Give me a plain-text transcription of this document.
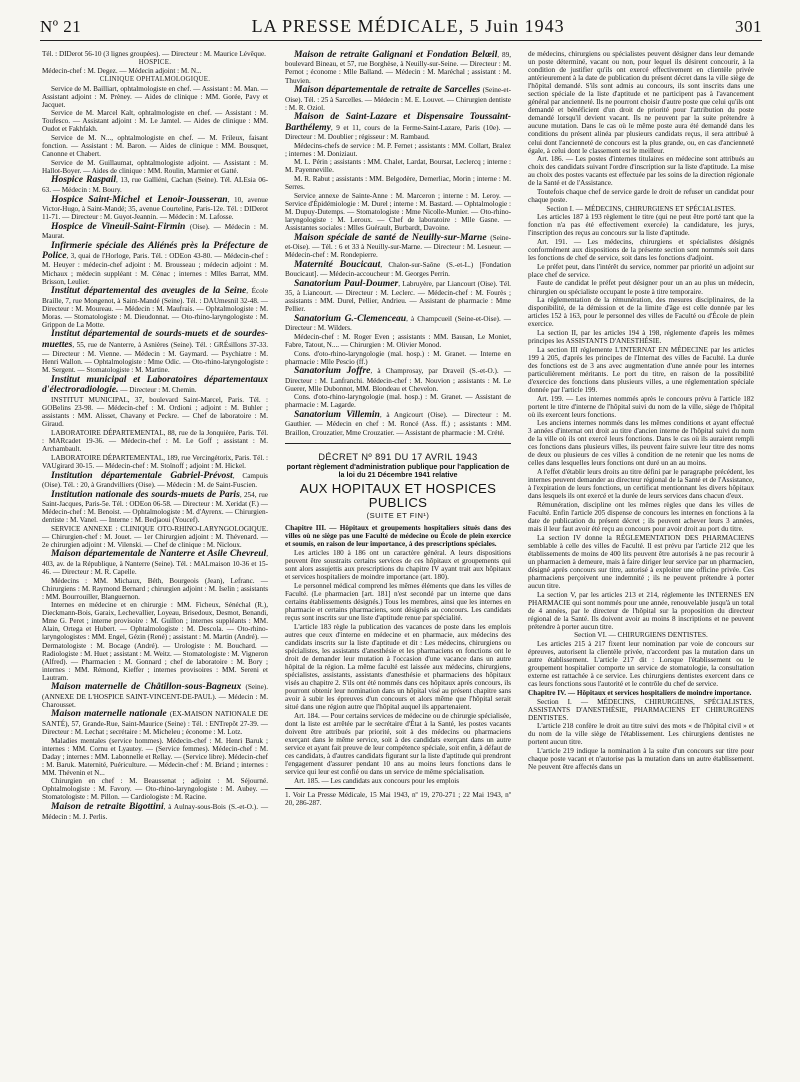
Nº 21	LA PRESSE MÉDICALE, 5 Juin 1943	301

Tél. : DIDerot 56-10 (3 lignes groupées). — Directeur : M. Maurice Lévêque.

HOSPICE.

Médecin-chef : M. Degez. — Médecin adjoint : M. N...

CLINIQUE OPHTALMOLOGIQUE.

Service de M. Bailliart, ophtalmologiste en chef. — Assistant : M. Man. — Assistant adjoint : M. Prèney. — Aides de clinique : MM. Gorée, Pavy et Jacquet.

Service de M. Marcel Kalt, ophtalmologiste en chef. — Assistant : M. Toufesco. — Assistant adjoint : M. Le Jamtel. — Aides de clinique : MM. Oudot et Fakhfakh.

Service de M. N..., ophtalmologiste en chef. — M. Frileux, faisant fonction. — Assistant : M. Baron. — Aides de clinique : MM. Bousquet, Canonne et Chabert.

Service de M. Guillaumat, ophtalmologiste adjoint. — Assistant : M. Hallot-Boyer. — Aides de clinique : MM. Roulin, Marmier et Gatté.

Hospice Raspail, 13, rue Galliéni, Cachan (Seine). Tél. ALEsia 06-63. — Médecin : M. Boury.

Hospice Saint-Michel et Lenoir-Jousseran, 10, avenue Victor-Hugo, à Saint-Mandé; 35, avenue Courteline, Paris-12e. Tél. : DIDerot 11-71. — Directeur : M. Guyot-Jeannin. — Médecin : M. Lafosse.

Hospice de Vineuil-Saint-Firmin (Oise). — Médecin : M. Maurat.

Infirmerie spéciale des Aliénés près la Préfecture de Police, 3, quai de l'Horloge, Paris. Tél. : ODEon 43-80. — Médecin-chef : M. Heuyer : médecin-chef adjoint : M. Brousseau ; médecin adjoint : M. Michaux ; médecin suppléant : M. Cénac ; internes : Mlles Barrat, MM. Brisson, Leulier.

Institut départemental des aveugles de la Seine, École Braille, 7, rue Mongenot, à Saint-Mandé (Seine). Tél. : DAUmesnil 32-48. — Directeur : M. Moureau. — Médecin : M. Maufrais. — Ophtalmologiste : M. Moras. — Stomatologiste : M. Dieudonnat. — Oto-rhino-laryngologiste : M. Grippon de La Motte.

Institut départemental de sourds-muets et de sourdes-muettes, 55, rue de Nanterre, à Asnières (Seine). Tél. : GRÉsillons 37-33. — Directeur : M. Vienne. — Médecin : M. Gaymard. — Psychiatre : M. Henri Wallon. — Ophtalmologiste : Mme Odic. — Oto-rhino-laryngologiste : M. Sergent. — Stomatologiste : M. Martine.

Institut municipal et Laboratoires départementaux d'électroradiologie. — Directeur : M. Chemin.

INSTITUT MUNICIPAL, 37, boulevard Saint-Marcel, Paris. Tél. : GOBelins 23-98. — Médecin-chef : M. Ordioni ; adjoint : M. Buhler ; assistants : MM. Alisset, Chavany et Peckre. — Chef de laboratoire : M. Giraud.

LABORATOIRE DÉPARTEMENTAL, 88, rue de la Jonquière, Paris. Tél. : MARcadet 19-36. — Médecin-chef : M. Le Goff ; assistant : M. Archambault.

LABORATOIRE DÉPARTEMENTAL, 189, rue Vercingétorix, Paris. Tél. : VAUgirard 30-15. — Médecin-chef : M. Stoïnoff ; adjoint : M. Hickel.

Institution départementale Gabriel-Prévost, Campuis (Oise). Tél. : 20, à Grandvilliers (Oise). — Médecin : M. de Saint-Fuscien.

Institution nationale des sourds-muets de Paris, 254, rue Saint-Jacques, Paris-5e. Tél. : ODEon 06-58. — Directeur : M. Xeridat (F.) — Médecin-chef : M. Benoist. — Ophtalmologiste : M. d'Ayrenx. — Chirurgien-dentiste : M. Vanel. — Interne : M. Bedjaoui (Youcef).

SERVICE ANNEXE : CLINIQUE OTO-RHINO-LARYNGOLOGIQUE. — Chirurgien-chef : M. Jouet. — 1er Chirurgien adjoint : M. Thévenard. — 2e chirurgien adjoint : M. Vilenski. — Chef de clinique : M. Nicloux.

Maison départementale de Nanterre et Asile Chevreul, 403, av. de la République, à Nanterre (Seine). Tél. : MALmaison 10-36 et 15-46. — Directeur : M. R. Capelle.

Médecins : MM. Michaux, Béth, Bourgeois (Jean), Lefranc. — Chirurgiens : M. Raymond Bernard ; chirurgien adjoint : M. Iselin ; assistants : MM. Bourrouiller, Blanguernon.

Internes en médecine et en chirurgie : MM. Ficheux, Sénéchal (R.), Dieckmann-Bois, Garaix, Lechevallier, Loyeau, Brisedoux, Desmot, Benandi, Mme G. Peret ; interne provisoire : M. Guillon ; internes suppléants : MM. Alain, Ortega et Hubert. — Ophtalmologiste : M. Descola. — Oto-rhino-laryngologistes : MM. Engel, Gézin (René) ; assistant : M. Martin (André). — Dermatologiste : M. Bocage (André). — Urologiste : M. Bouchard. — Radiologiste : M. Huet ; assistant : M. Weitz. — Stomatologiste : M. Vigneron (Alfred). — Pharmacien : M. Gonnard ; chef de laboratoire : M. Bory ; internes : MM. Rémond, Kieffer ; internes provisoires : MM. Sereni et Lautram.

Maison maternelle de Châtillon-sous-Bagneux (Seine). (ANNEXE DE L'HOSPICE SAINT-VINCENT-DE-PAUL). — Médecin : M. Charousset.

Maison maternelle nationale (EX-MAISON NATIONALE DE SANTÉ), 57, Grande-Rue, Saint-Maurice (Seine) : Tél. : ENTrepôt 27-39. — Directeur : M. Lechat ; secrétaire : M. Micheleu ; économe : M. Lotz.

Maladies mentales (service hommes). Médecin-chef : M. Henri Baruk ; internes : MM. Cornu et Lyautey. — (Service femmes). Médecin-chef : M. Daday ; internes : MM. Labonnelle et Rellay. — (Service libre). Médecin-chef : M. Baruk. Maternité, Puériculture. — Médecin-chef : M. Briand ; internes : MM. Thévenin et N...

Chirurgien en chef : M. Beaussenat ; adjoint : M. Séjourné. Ophtalmologiste : M. Favory. — Oto-rhino-laryngologiste : M. Aubey. — Stomatologiste : M. Pillon. — Cardiologiste : M. Racine.

Maison de retraite Bigottini, à Aulnay-sous-Bois (S.-et-O.). — Médecin : M. J. Perlis.

Maison de retraite Galignani et Fondation Belœil, 89, boulevard Bineau, et 57, rue Borghèse, à Neuilly-sur-Seine. — Directeur : M. Pernot ; économe : Mlle Balland. — Médecin : M. Maréchal ; assistant : M. Thuvien.

Maison départementale de retraite de Sarcelles (Seine-et-Oise). Tél. : 25 à Sarcelles. — Médecin : M. E. Louvet. — Chirurgien dentiste : M. R. Oziol.

Maison de Saint-Lazare et Dispensaire Toussaint-Barthélemy, 9 et 11, cours de la Ferme-Saint-Lazare, Paris (10e). — Directeur : M. Doublier ; régisseur : M. Rambaud.

Médecins-chefs de service : M. P. Fernet ; assistants : MM. Collart, Bralez ; internes : M. Doniziaut.

M. L. Périn ; assistants : MM. Chalet, Lardat, Boursat, Leclercq ; interne : M. Payenneville.

M. R. Rabut ; assistants : MM. Belgodère, Demerliac, Morin ; interne : M. Serres.

Service annexe de Sainte-Anne : M. Marceron ; interne : M. Leroy. — Service d'Épidémiologie : M. Durel ; interne : M. Bastard. — Ophtalmologie : M. Dupuy-Dutemps. — Stomatologiste : Mme Nicolle-Munier. — Oto-rhino-laryngologiste : M. Leroux. — Chef de laboratoire : Mlle Gasne. — Assistantes sociales : Mlles Guérault, Burbardt, Davoine.

Maison spéciale de santé de Neuilly-sur-Marne (Seine-et-Oise). — Tél. : 6 et 33 à Neuilly-sur-Marne. — Directeur : M. Lesueur. — Médecin-chef : M. Rondepierre.

Maternité Boucicaut, Chalon-sur-Saône (S.-et-L.) [Fondation Boucicaut]. — Médecin-accoucheur : M. Georges Perrin.

Sanatorium Paul-Doumer, Labruyère, par Liancourt (Oise). Tél. 35, à Liancourt. — Directeur : M. Leclerc. — Médecin-chef : M. Fourès ; assistants : MM. Durel, Pellier, Andrieu. — Assistant de pharmacie : Mme Pellier.

Sanatorium G.-Clemenceau, à Champcueil (Seine-et-Oise). — Directeur : M. Wilders.

Médecin-chef : M. Roger Even ; assistants : MM. Bausan, Le Moniet, Fabre, Tatout, N.... — Chirurgien : M. Olivier Monod.

Cons. d'oto-rhino-laryngologie (mal. hosp.) : M. Granet. — Interne en pharmacie : Mlle Pescio (ff.)

Sanatorium Joffre, à Champrosay, par Draveil (S.-et-O.). — Directeur : M. Lanfranchi. Médecin-chef : M. Nouvion ; assistants : M. Le Guerer, Mlle Dubonnot, MM. Blondeau et Chevelon.

Cons. d'oto-rhino-laryngologie (mal. hosp.) : M. Granet. — Assistant de pharmacie : M. Lagarde.

Sanatorium Villemin, à Angicourt (Oise). — Directeur : M. Gauthier. — Médecin en chef : M. Roncé (Ass. ff.) ; assistants : MM. Braillon, Crouzatier, Mme Crouzatier. — Assistant de pharmacie : M. Crété.

DÉCRET Nº 891 DU 17 AVRIL 1943

portant règlement d'administration publique pour l'application de la loi du 21 Décembre 1941 relative

AUX HOPITAUX ET HOSPICES PUBLICS

(SUITE ET FIN¹)

Chapitre III. — Hôpitaux et groupements hospitaliers situés dans des villes où ne siège pas une Faculté de médecine ou École de plein exercice et soumis, en raison de leur importance, à des prescriptions spéciales.

Les articles 180 à 186 ont un caractère général. A leurs dispositions peuvent être soustraits certains services de ces hôpitaux et groupements qui sont alors assujettis aux prescriptions du chapitre IV ayant trait aux hôpitaux et services hospitaliers de moindre importance (art. 180).

Le personnel médical comprend les mêmes éléments que dans les villes de Faculté. (Le pharmacien [art. 181] n'est secondé par un interne que dans certains établissements désignés.) Tous les membres, ainsi que les internes en pharmacie et certains pharmaciens, sont désignés au concours. Les candidats reçus sont inscrits sur une liste d'aptitude renue par spécialité.

L'article 183 règle la publication des vacances de poste dans les emplois autres que ceux d'interne en médecine et en pharmacie, aux médecins des candidats inscrits sur la liste d'aptitude et dit : Les médecins, chirurgiens ou spécialistes, les assistants d'anesthésie et les pharmaciens en fonctions ont le droit de demander leur mutation à l'occasion d'une vacance dans un autre hôpital de la région. La même faculté est laissée aux médecins, chirurgiens, spécialistes, assistants, assistants d'anesthésie et pharmaciens des hôpitaux visés au chapitre 2. S'ils ont été nommés dans ces hôpitaux après concours, ils pourront obtenir leur nomination dans un hôpital visé au présent chapitre sans avoir à subir les épreuves d'un concours et alors même que l'hôpital serait situé dans une région autre que l'hôpital auquel ils appartenaient.

Art. 184. — Pour certains services de médecine ou de chirurgie spécialisée, dont la liste est arrêtée par le secrétaire d'État à la Santé, les postes vacants doivent être attribués par priorité, soit à des médecins ou pharmaciens exerçant dans le même service, soit à des candidats exerçant dans un autre service et ayant fait preuve de leur compétence spéciale, soit enfin, à défaut de ces candidats, à d'autres candidats figurant sur la liste d'aptitude qui prendront l'engagement d'assurer pendant 10 ans au moins leurs fonctions dans le service qui leur est confié ou dans un service de même spécialisation.

Art. 185. — Les candidats aux concours pour les emplois

1. Voir La Presse Médicale, 15 Mai 1943, nº 19, 270-271 ; 22 Mai 1943, nº 20, 286-287.

de médecins, chirurgiens ou spécialistes peuvent désigner dans leur demande un poste déterminé, vacant ou non, pour lequel ils désirent concourir, à la condition de justifier qu'ils ont exercé effectivement en clientèle privée antérieurement à la date de publication du présent décret dans la ville siège de l'hôpital demandé. S'ils sont admis au concours, ils sont inscrits dans une section spéciale de la liste d'aptitude et ne participent pas à l'avancement général par ancienneté. Ils ne pourront choisir d'autre poste que celui qu'ils ont demandé et bénéficient d'un droit de priorité pour l'attribution du poste demandé lorsqu'il devient vacant. Ils ne peuvent par la suite prétendre à aucune mutation. Dans le cas où le même poste aura été demandé dans les conditions du présent alinéa par plusieurs candidats reçus, il sera attribué à celui dont l'ancienneté de concours est la plus grande, ou, en cas d'ancienneté égale, à celui dont le classement est le meilleur.

Art. 186. — Les postes d'internes titulaires en médecine sont attribués au choix des candidats suivant l'ordre d'inscription sur la liste d'aptitude. La mise au choix des postes vacants est effectuée par les soins de la direction régionale de la Santé et de l'Assistance.

Toutefois chaque chef de service garde le droit de refuser un candidat pour chaque poste.

Section I. — MÉDECINS, CHIRURGIENS ET SPÉCIALISTES.

Les articles 187 à 193 règlement le titre (qui ne peut être porté tant que la fonction n'a pas été effectivement exercée) la candidature, les jurys, l'inscription des reçus au concours sur la liste d'aptitude.

Art. 191. — Les médecins, chirurgiens et spécialistes désignés conformément aux dispositions de la présente section sont nommés soit dans les fonctions de chef de service, soit dans les fonctions d'adjoint.

Le préfet peut, dans l'intérêt du service, nommer par priorité un adjoint sur place chef de service.

Faute de candidat le préfet peut désigner pour un an au plus un médecin, chirurgien ou spécialiste occupant le poste à titre temporaire.

La réglementation de la rémunération, des mesures disciplinaires, de la disponibilité, de la démission et de la limite d'âge est celle donnée par les articles 152 à 163, pour le personnel des villes de Faculté ou d'École de plein exercice.

La section II, par les articles 194 à 198, réglemente d'après les mêmes principes les ASSISTANTS D'ANESTHÉSIE.

La section III réglemente L'INTERNAT EN MÉDECINE par les articles 199 à 205, d'après les principes de l'Internat des villes de Faculté. La durée des fonctions est de 3 ans avec augmentation d'une année pour les internes particulièrement méritants. Le port du titre, en raison de la possibilité d'exercice des fonctions dans plusieurs villes, a une réglementation spéciale donnée par l'article 199.

Art. 199. — Les internes nommés après le concours prévu à l'article 182 portent le titre d'interne de l'hôpital suivi du nom de la ville, siège de l'hôpital où ils exercent leurs fonctions.

Les anciens internes nommés dans les mêmes conditions et ayant effectué 3 années d'internat ont droit au titre d'ancien interne de l'hôpital suivi du nom de la ville où ils ont exercé leurs fonctions. Dans le cas où ils auraient rempli ces fonctions dans plusieurs villes, ils peuvent faire suivre leur titre des noms de deux ou plusieurs de ces villes à condition de ne retenir que les noms de celles dans lesquelles leurs fonctions ont duré un an au moins.

A l'effet d'établir leurs droits au titre défini par le paragraphe précédent, les internes peuvent demander au directeur régional de la Santé et de l'Assistance, à l'expiration de leurs fonctions, un certificat mentionnant les divers hôpitaux dans lesquels ils ont exercé et la durée de leurs services dans chacun d'eux.

Rémunération, discipline ont les mêmes règles que dans les villes de Faculté. Enfin l'article 205 dispense de concours les internes en fonctions à la date de publication du présent décret ; ils peuvent achever leurs 3 années, mais il leur faut avoir été reçu au concours pour avoir droit au port du titre.

La section IV donne la RÉGLEMENTATION DES PHARMACIENS semblable à celle des villes de Faculté. Il est prévu par l'article 212 que les établissements de moins de 400 lits peuvent être autorisés à ne pas recourir à un pharmacien à demeure, mais à faire diriger leur service par un pharmacien, désigné après concours sur titre, autorisé à exploiter une officine privée. Ces pharmaciens perçoivent une indemnité ; ils ne peuvent prétendre à porter aucun titre.

La section V, par les articles 213 et 214, réglemente les INTERNES EN PHARMACIE qui sont nommés pour une année, renouvelable jusqu'à un total de 4 années, par le directeur de l'hôpital sur la proposition du directeur régional de la Santé. Ils doivent avoir au moins 8 inscriptions et ne peuvent prétendre à porter aucun titre.

Section VI. — CHIRURGIENS DENTISTES.

Les articles 215 à 217 fixent leur nomination par voie de concours sur épreuves, autorisent la clientèle privée, n'accordent pas la mutation dans un autre établissement. L'article 217 dit : Lorsque l'établissement ou le groupement hospitalier comporte un service de stomatologie, la consultation externe est rattachée à ce service. Les chirurgiens dentistes exercent dans ce cas leurs fonctions sous l'autorité et le contrôle du chef de service.

Chapitre IV. — Hôpitaux et services hospitaliers de moindre importance.

Section I. — MÉDECINS, CHIRURGIENS, SPÉCIALISTES, ASSISTANTS D'ANESTHÉSIE, PHARMACIENS ET CHIRURGIENS DENTISTES.

L'article 218 confère le droit au titre suivi des mots « de l'hôpital civil » et du nom de la ville siège de l'établissement. Les chirurgiens dentistes ne portent aucun titre.

L'article 219 indique la nomination à la suite d'un concours sur titre pour chaque poste vacant et n'autorise pas la mutation dans un autre établissement. Ne peuvent être affectés dans un
